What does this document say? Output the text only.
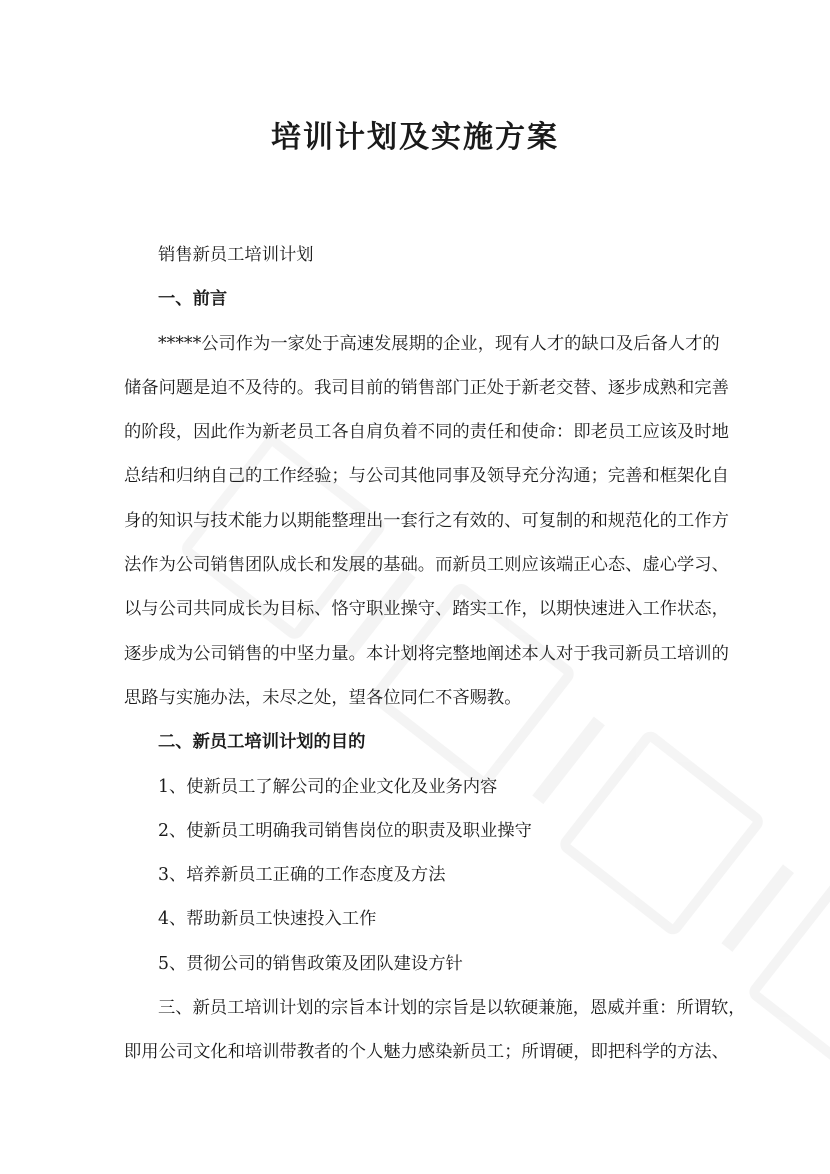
培训计划及实施方案
销售新员工培训计划
一、前言
*****公司作为一家处于高速发展期的企业，现有人才的缺口及后备人才的
储备问题是迫不及待的。我司目前的销售部门正处于新老交替、逐步成熟和完善
的阶段，因此作为新老员工各自肩负着不同的责任和使命：即老员工应该及时地
总结和归纳自己的工作经验；与公司其他同事及领导充分沟通；完善和框架化自
身的知识与技术能力以期能整理出一套行之有效的、可复制的和规范化的工作方
法作为公司销售团队成长和发展的基础。而新员工则应该端正心态、虚心学习、
以与公司共同成长为目标、恪守职业操守、踏实工作，以期快速进入工作状态，
逐步成为公司销售的中坚力量。本计划将完整地阐述本人对于我司新员工培训的
思路与实施办法，未尽之处，望各位同仁不吝赐教。
二、新员工培训计划的目的
1、使新员工了解公司的企业文化及业务内容
2、使新员工明确我司销售岗位的职责及职业操守
3、培养新员工正确的工作态度及方法
4、帮助新员工快速投入工作
5、贯彻公司的销售政策及团队建设方针
三、新员工培训计划的宗旨本计划的宗旨是以软硬兼施，恩威并重：所谓软，
即用公司文化和培训带教者的个人魅力感染新员工；所谓硬，即把科学的方法、
